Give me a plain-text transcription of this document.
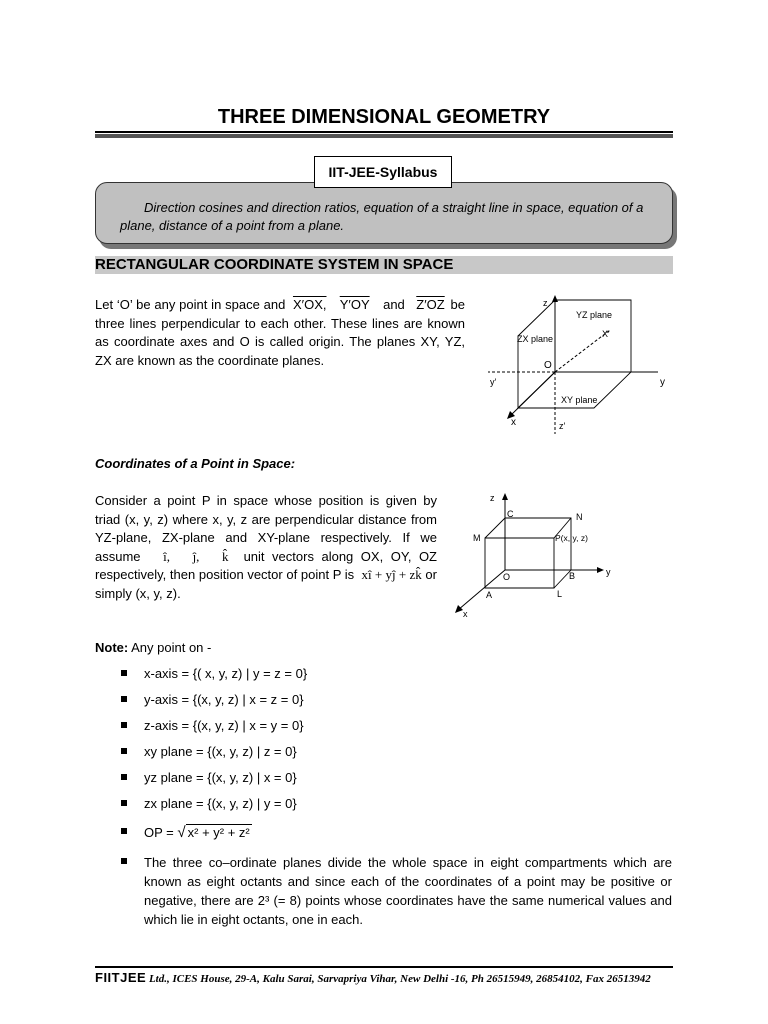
THREE DIMENSIONAL GEOMETRY
Direction cosines and direction ratios, equation of a straight line in space, equation of a plane, distance of a point from a plane.
IIT-JEE-Syllabus
RECTANGULAR COORDINATE SYSTEM IN SPACE
Let ‘O’ be any point in space and X′OX, Y′OY and Z′OZ be three lines perpendicular to each other. These lines are known as coordinate axes and O is called origin. The planes XY, YZ, ZX are known as the coordinate planes.
z
YZ plane
X′
ZX plane
O
y′	y
XY plane
x	z′
Coordinates of a Point in Space:
Consider a point P in space whose position is given by triad (x, y, z) where x, y, z are perpendicular distance from YZ-plane, ZX-plane and XY-plane respectively. If we assume î, ĵ, k̂ unit vectors along OX, OY, OZ respectively, then position vector of point P is xî + yĵ + zk̂ or simply (x, y, z).
z
C	N
M	P(x, y, z)
O	B	y
A	L
x
Note: Any point on -
x-axis = {( x, y, z) | y = z = 0}
y-axis = {(x, y, z) | x = z = 0}
z-axis = {(x, y, z) | x = y = 0}
xy plane = {(x, y, z) | z = 0}
yz plane = {(x, y, z) | x = 0}
zx plane = {(x, y, z) | y = 0}
OP = √ x² + y² + z²
The three co–ordinate planes divide the whole space in eight compartments which are known as eight octants and since each of the coordinates of a point may be positive or negative, there are 2³ (= 8) points whose coordinates have the same numerical values and which lie in eight octants, one in each.
FIITJEE Ltd., ICES House, 29-A, Kalu Sarai, Sarvapriya Vihar, New Delhi -16, Ph 26515949, 26854102, Fax 26513942
